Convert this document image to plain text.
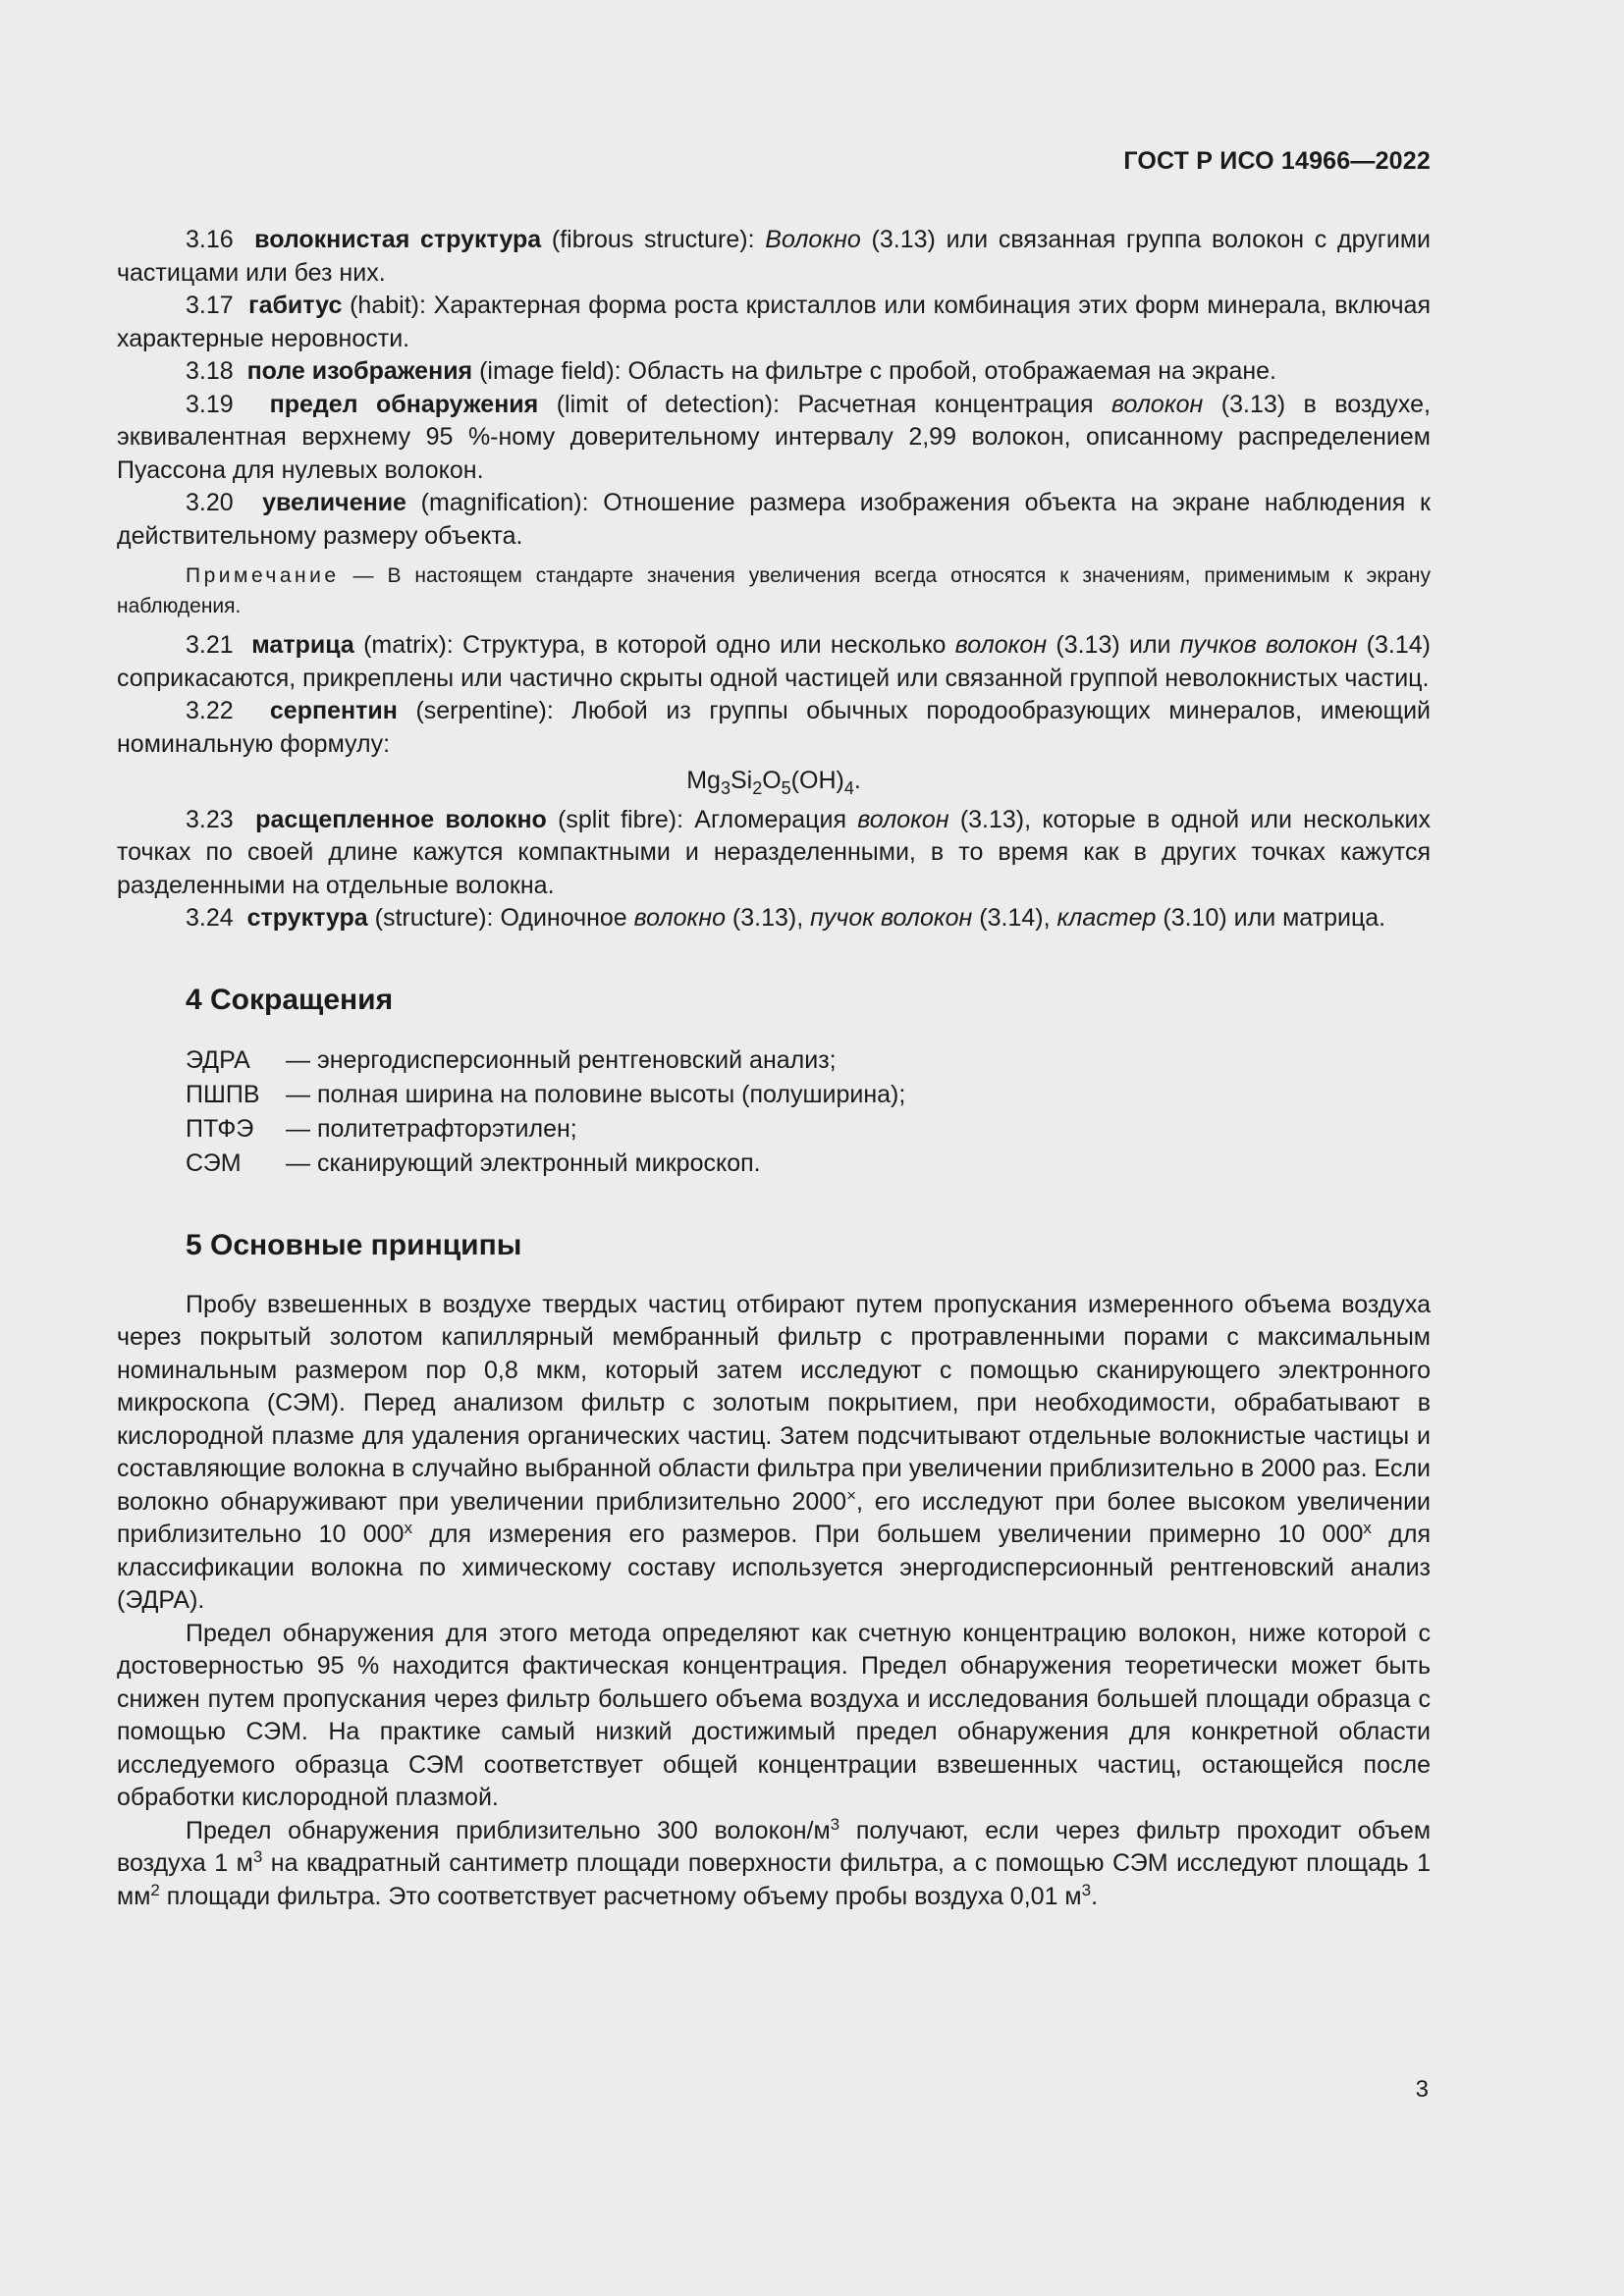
ГОСТ Р ИСО 14966—2022

3.16 волокнистая структура (fibrous structure): Волокно (3.13) или связанная группа волокон с другими частицами или без них.

3.17 габитус (habit): Характерная форма роста кристаллов или комбинация этих форм минерала, включая характерные неровности.

3.18 поле изображения (image field): Область на фильтре с пробой, отображаемая на экране.

3.19 предел обнаружения (limit of detection): Расчетная концентрация волокон (3.13) в воздухе, эквивалентная верхнему 95 %-ному доверительному интервалу 2,99 волокон, описанному распределением Пуассона для нулевых волокон.

3.20 увеличение (magnification): Отношение размера изображения объекта на экране наблюдения к действительному размеру объекта.

Примечание — В настоящем стандарте значения увеличения всегда относятся к значениям, применимым к экрану наблюдения.

3.21 матрица (matrix): Структура, в которой одно или несколько волокон (3.13) или пучков волокон (3.14) соприкасаются, прикреплены или частично скрыты одной частицей или связанной группой неволокнистых частиц.

3.22 серпентин (serpentine): Любой из группы обычных породообразующих минералов, имеющий номинальную формулу:

$Mg_3Si_2O_5(OH)_4$.

3.23 расщепленное волокно (split fibre): Агломерация волокон (3.13), которые в одной или нескольких точках по своей длине кажутся компактными и неразделенными, в то время как в других точках кажутся разделенными на отдельные волокна.

3.24 структура (structure): Одиночное волокно (3.13), пучок волокон (3.14), кластер (3.10) или матрица.

4 Сокращения
ЭДРА	— энергодисперсионный рентгеновский анализ;
ПШПВ	— полная ширина на половине высоты (полуширина);
ПТФЭ	— политетрафторэтилен;
СЭМ	— сканирующий электронный микроскоп.
5 Основные принципы

Пробу взвешенных в воздухе твердых частиц отбирают путем пропускания измеренного объема воздуха через покрытый золотом капиллярный мембранный фильтр с протравленными порами с максимальным номинальным размером пор 0,8 мкм, который затем исследуют с помощью сканирующего электронного микроскопа (СЭМ). Перед анализом фильтр с золотым покрытием, при необходимости, обрабатывают в кислородной плазме для удаления органических частиц. Затем подсчитывают отдельные волокнистые частицы и составляющие волокна в случайно выбранной области фильтра при увеличении приблизительно в 2000 раз. Если волокно обнаруживают при увеличении приблизительно 2000×, его исследуют при более высоком увеличении приблизительно 10 000$^x$ для измерения его размеров. При большем увеличении примерно 10 000$^x$ для классификации волокна по химическому составу используется энергодисперсионный рентгеновский анализ (ЭДРА).

Предел обнаружения для этого метода определяют как счетную концентрацию волокон, ниже которой с достоверностью 95 % находится фактическая концентрация. Предел обнаружения теоретически может быть снижен путем пропускания через фильтр большего объема воздуха и исследования большей площади образца с помощью СЭМ. На практике самый низкий достижимый предел обнаружения для конкретной области исследуемого образца СЭМ соответствует общей концентрации взвешенных частиц, остающейся после обработки кислородной плазмой.

Предел обнаружения приблизительно 300 волокон/$м^3$ получают, если через фильтр проходит объем воздуха 1 $м^3$ на квадратный сантиметр площади поверхности фильтра, а с помощью СЭМ исследуют площадь 1 $мм^2$ площади фильтра. Это соответствует расчетному объему пробы воздуха 0,01 $м^3$.

3
